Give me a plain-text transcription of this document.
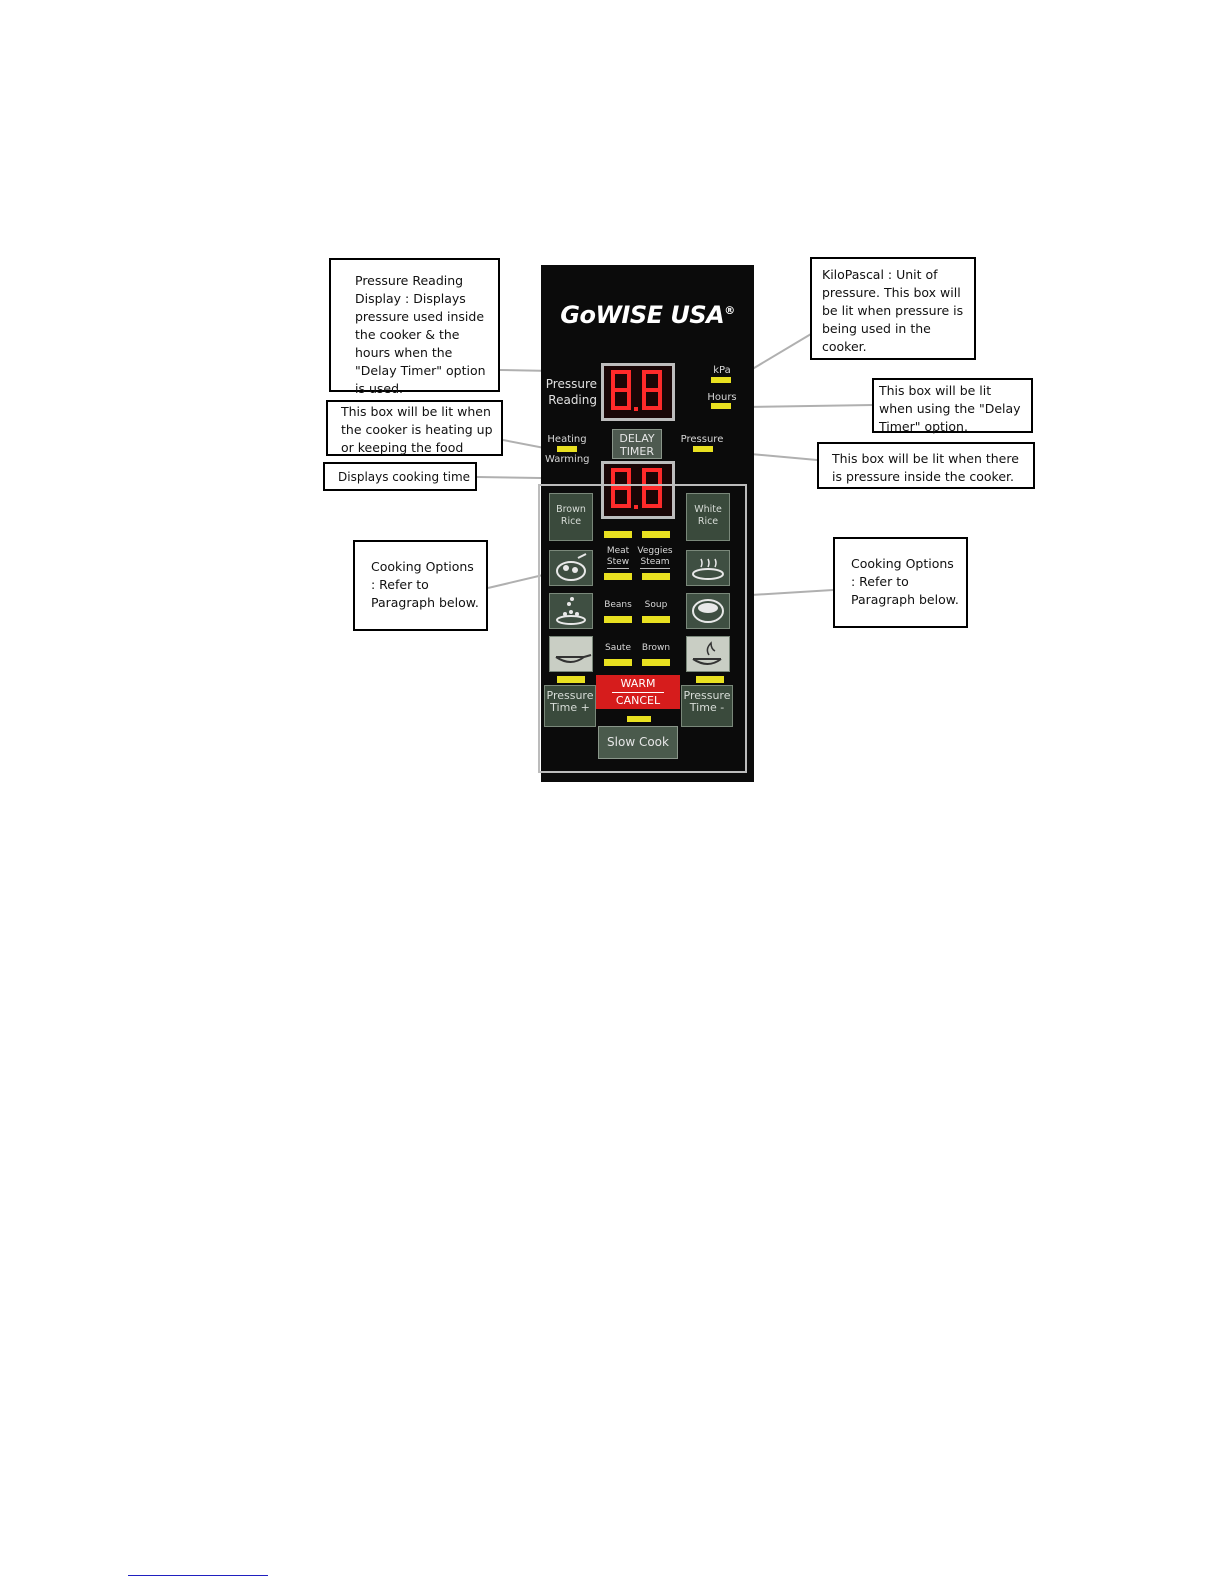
Pressure Reading Display : Displays pressure used inside the cooker & the hours when the "Delay Timer" option is used.
This box will be lit when the cooker is heating up or keeping the food
Displays cooking time
Cooking Options : Refer to Paragraph below.
KiloPascal : Unit of pressure. This box will be lit when pressure is being used in the cooker.
This box will be lit when using the "Delay Timer" option.
This box will be lit when there is pressure inside the cooker.
Cooking Options : Refer to Paragraph below.
GoWISE USA®
Pressure
Reading
8.8	kPa
Hours
DELAY
TIMER
Heating
Warming
Pressure
Brown Rice
White Rice
Meat
Stew
Veggies
Steam
Beans	Soup
Saute	Brown
Pressure
Time +
Pressure
Time -
WARM
CANCEL
Slow Cook
